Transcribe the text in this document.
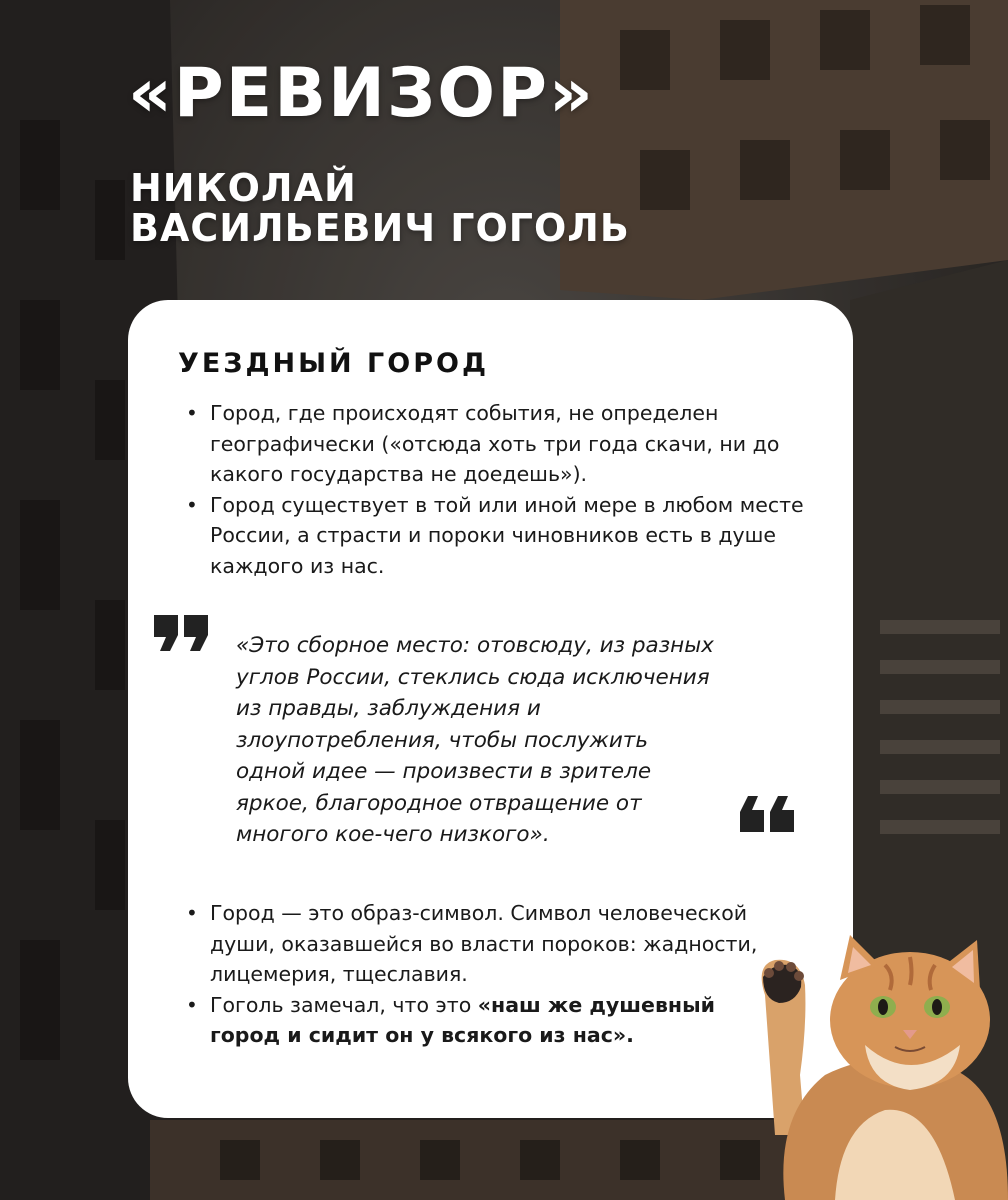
«РЕВИЗОР»
НИКОЛАЙ ВАСИЛЬЕВИЧ ГОГОЛЬ
УЕЗДНЫЙ ГОРОД
• Город, где происходят события, не определен географически («отсюда хоть три года скачи, ни до какого государства не доедешь»).
• Город существует в той или иной мере в любом месте России, а страсти и пороки чиновников есть в душе каждого из нас.

«Это сборное место: отовсюду, из разных углов России, стеклись сюда исключения из правды, заблуждения и злоупотребления, чтобы послужить одной идее — произвести в зрителе яркое, благородное отвращение от многого кое-чего низкого».

• Город — это образ-символ. Символ человеческой души, оказавшейся во власти пороков: жадности, лицемерия, тщеславия.
• Гоголь замечал, что это «наш же душевный город и сидит он у всякого из нас».
